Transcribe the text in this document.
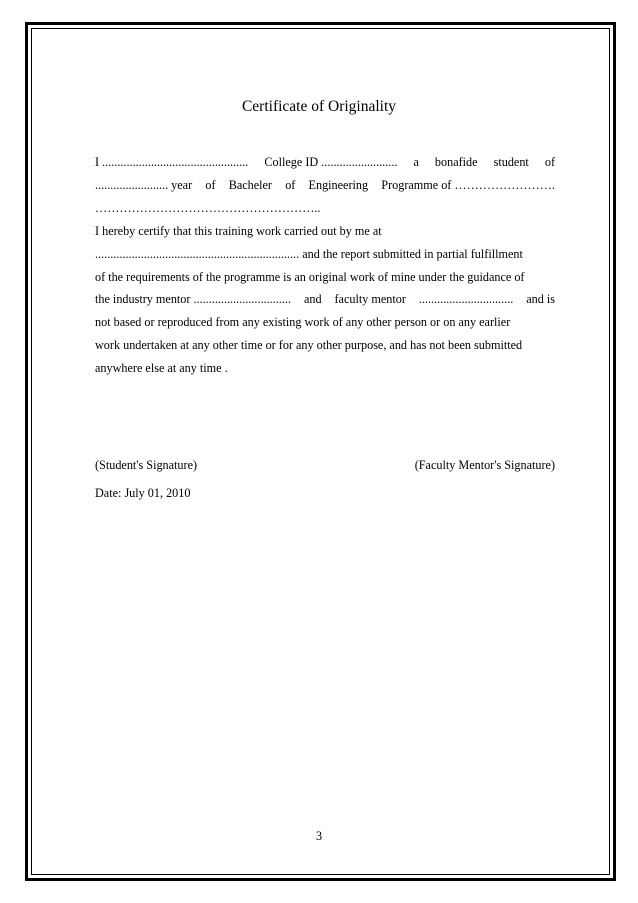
Certificate of Originality
I ................................................ College ID ......................... a bonafide student of
........................ year of Bacheler of Engineering Programme of …………………….
………………………………………………..
I hereby certify that this training work carried out by me at
................................................................... and the report submitted in partial fulfillment
of the requirements of the programme is an original work of mine under the guidance of
the industry mentor ................................ and faculty mentor ............................... and is
not based or reproduced from any existing work of any other person or on any earlier
work undertaken at any other time or for any other purpose, and has not been submitted
anywhere else at any time .
(Student's Signature)	(Faculty Mentor's Signature)
Date: July 01, 2010
3
